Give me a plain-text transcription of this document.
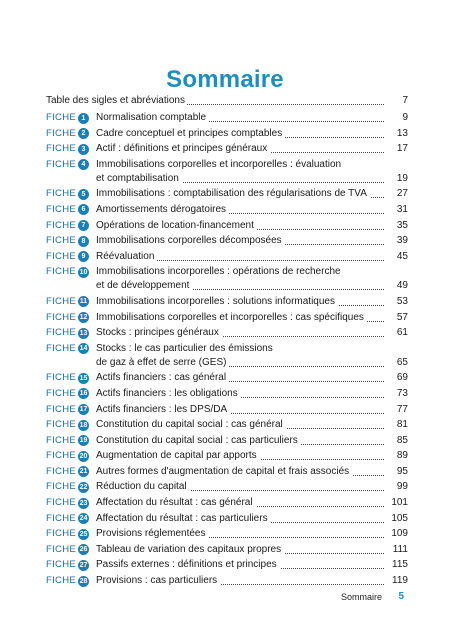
Sommaire
Table des sigles et abréviations	7
FICHE 1	Normalisation comptable	9
FICHE 2	Cadre conceptuel et principes comptables	13
FICHE 3	Actif : définitions et principes généraux	17
FICHE 4	Immobilisations corporelles et incorporelles : évaluation
et comptabilisation	19
FICHE 5	Immobilisations : comptabilisation des régularisations de TVA	27
FICHE 6	Amortissements dérogatoires	31
FICHE 7	Opérations de location-financement	35
FICHE 8	Immobilisations corporelles décomposées	39
FICHE 9	Réévaluation	45
FICHE 10 Immobilisations incorporelles : opérations de recherche
et de développement	49
FICHE 11 Immobilisations incorporelles : solutions informatiques	53
FICHE 12 Immobilisations corporelles et incorporelles : cas spécifiques	57
FICHE 13 Stocks : principes généraux	61
FICHE 14 Stocks : le cas particulier des émissions
de gaz à effet de serre (GES)	65
FICHE 15 Actifs financiers : cas général	69
FICHE 16 Actifs financiers : les obligations	73
FICHE 17 Actifs financiers : les DPS/DA	77
FICHE 18 Constitution du capital social : cas général	81
FICHE 19 Constitution du capital social : cas particuliers	85
FICHE 20 Augmentation de capital par apports	89
FICHE 21 Autres formes d'augmentation de capital et frais associés	95
FICHE 22 Réduction du capital	99
FICHE 23 Affectation du résultat : cas général	101
FICHE 24 Affectation du résultat : cas particuliers	105
FICHE 25 Provisions réglementées	109
FICHE 26 Tableau de variation des capitaux propres	111
FICHE 27 Passifs externes : définitions et principes	115
FICHE 28 Provisions : cas particuliers	119
Sommaire 5
